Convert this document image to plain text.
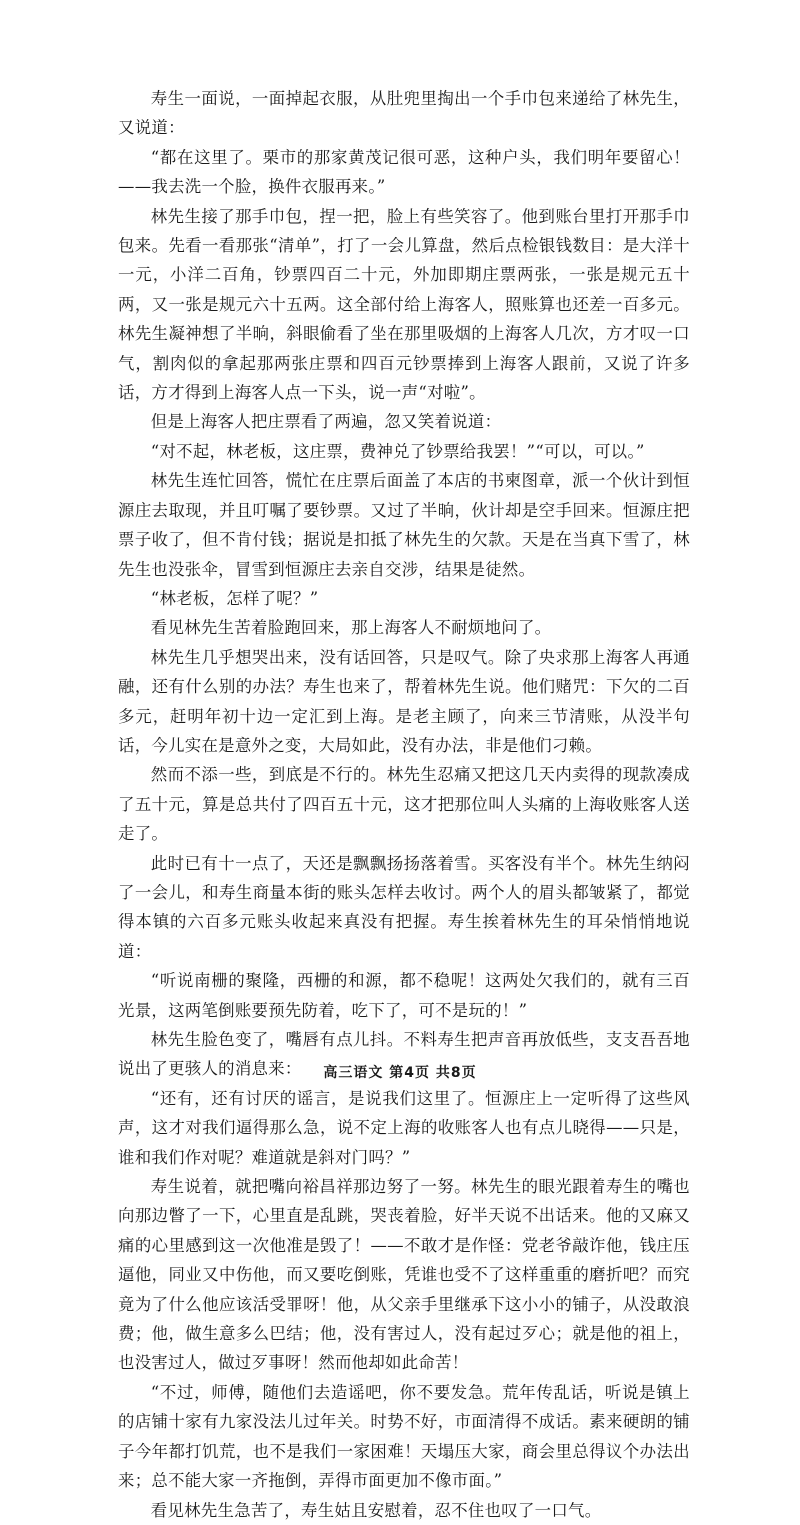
寿生一面说，一面掉起衣服，从肚兜里掏出一个手巾包来递给了林先生，又说道：

“都在这里了。栗市的那家黄茂记很可恶，这种户头，我们明年要留心！——我去洗一个脸，换件衣服再来。”

林先生接了那手巾包，捏一把，脸上有些笑容了。他到账台里打开那手巾包来。先看一看那张“清单”，打了一会儿算盘，然后点检银钱数目：是大洋十一元，小洋二百角，钞票四百二十元，外加即期庄票两张，一张是规元五十两，又一张是规元六十五两。这全部付给上海客人，照账算也还差一百多元。林先生凝神想了半晌，斜眼偷看了坐在那里吸烟的上海客人几次，方才叹一口气，割肉似的拿起那两张庄票和四百元钞票捧到上海客人跟前，又说了许多话，方才得到上海客人点一下头，说一声“对啦”。

但是上海客人把庄票看了两遍，忽又笑着说道：

“对不起，林老板，这庄票，费神兑了钞票给我罢！”“可以，可以。”

林先生连忙回答，慌忙在庄票后面盖了本店的书柬图章，派一个伙计到恒源庄去取现，并且叮嘱了要钞票。又过了半晌，伙计却是空手回来。恒源庄把票子收了，但不肯付钱；据说是扣抵了林先生的欠款。天是在当真下雪了，林先生也没张伞，冒雪到恒源庄去亲自交涉，结果是徒然。

“林老板，怎样了呢？”

看见林先生苦着脸跑回来，那上海客人不耐烦地问了。

林先生几乎想哭出来，没有话回答，只是叹气。除了央求那上海客人再通融，还有什么别的办法？寿生也来了，帮着林先生说。他们赌咒：下欠的二百多元，赶明年初十边一定汇到上海。是老主顾了，向来三节清账，从没半句话，今儿实在是意外之变，大局如此，没有办法，非是他们刁赖。

然而不添一些，到底是不行的。林先生忍痛又把这几天内卖得的现款凑成了五十元，算是总共付了四百五十元，这才把那位叫人头痛的上海收账客人送走了。

此时已有十一点了，天还是飘飘扬扬落着雪。买客没有半个。林先生纳闷了一会儿，和寿生商量本街的账头怎样去收讨。两个人的眉头都皱紧了，都觉得本镇的六百多元账头收起来真没有把握。寿生挨着林先生的耳朵悄悄地说道：

“听说南栅的聚隆，西栅的和源，都不稳呢！这两处欠我们的，就有三百光景，这两笔倒账要预先防着，吃下了，可不是玩的！”

林先生脸色变了，嘴唇有点儿抖。不料寿生把声音再放低些，支支吾吾地说出了更骇人的消息来：

“还有，还有讨厌的谣言，是说我们这里了。恒源庄上一定听得了这些风声，这才对我们逼得那么急，说不定上海的收账客人也有点儿晓得——只是，谁和我们作对呢？难道就是斜对门吗？”

寿生说着，就把嘴向裕昌祥那边努了一努。林先生的眼光跟着寿生的嘴也向那边瞥了一下，心里直是乱跳，哭丧着脸，好半天说不出话来。他的又麻又痛的心里感到这一次他准是毁了！——不敢才是作怪：党老爷敲诈他，钱庄压逼他，同业又中伤他，而又要吃倒账，凭谁也受不了这样重重的磨折吧？而究竟为了什么他应该活受罪呀！他，从父亲手里继承下这小小的铺子，从没敢浪费；他，做生意多么巴结；他，没有害过人，没有起过歹心；就是他的祖上，也没害过人，做过歹事呀！然而他却如此命苦！

“不过，师傅，随他们去造谣吧，你不要发急。荒年传乱话，听说是镇上的店铺十家有九家没法儿过年关。时势不好，市面清得不成话。素来硬朗的铺子今年都打饥荒，也不是我们一家困难！天塌压大家，商会里总得议个办法出来；总不能大家一齐拖倒，弄得市面更加不像市面。”

看见林先生急苦了，寿生姑且安慰着，忍不住也叹了一口气。

高三语文 第4页 共8页
